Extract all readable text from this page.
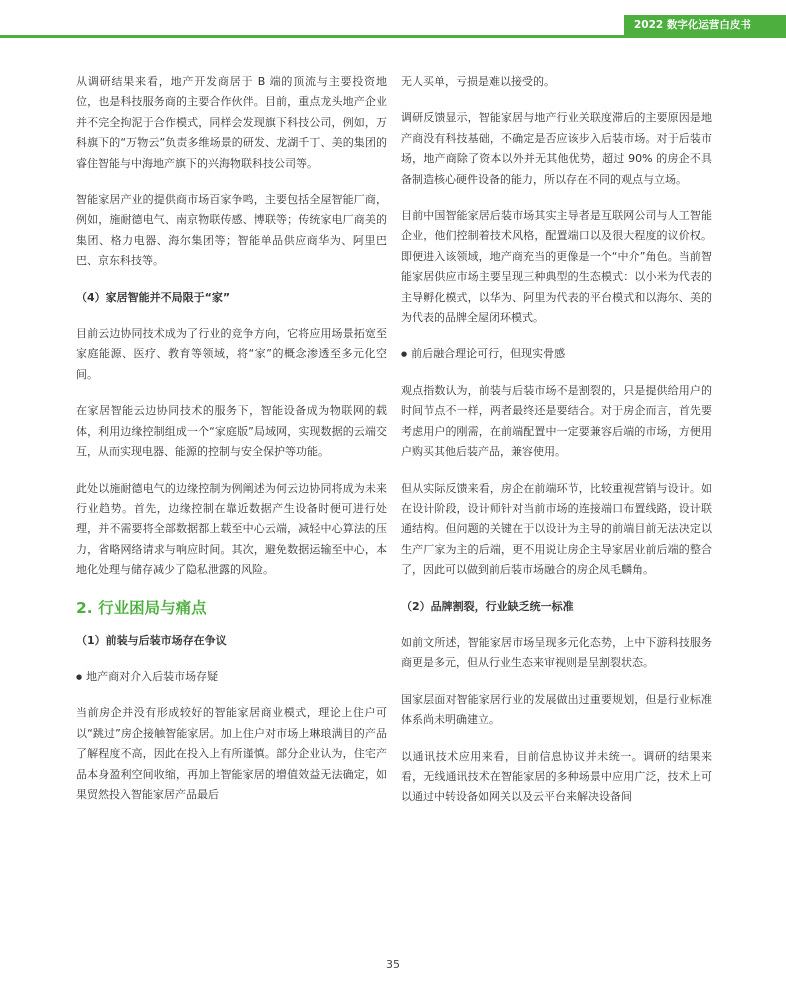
2022 数字化运营白皮书

从调研结果来看，地产开发商居于 B 端的顶流与主要投资地位，也是科技服务商的主要合作伙伴。目前，重点龙头地产企业并不完全拘泥于合作模式，同样会发现旗下科技公司，例如，万科旗下的“万物云”负责多维场景的研发、龙湖千丁、美的集团的睿住智能与中海地产旗下的兴海物联科技公司等。

智能家居产业的提供商市场百家争鸣，主要包括全屋智能厂商，例如，施耐德电气、南京物联传感、博联等；传统家电厂商美的集团、格力电器、海尔集团等；智能单品供应商华为、阿里巴巴、京东科技等。

（4）家居智能并不局限于“家”

目前云边协同技术成为了行业的竞争方向，它将应用场景拓宽至家庭能源、医疗、教育等领域，将“家”的概念渗透至多元化空间。

在家居智能云边协同技术的服务下，智能设备成为物联网的载体，利用边缘控制组成一个“家庭版”局域网，实现数据的云端交互，从而实现电器、能源的控制与安全保护等功能。

此处以施耐德电气的边缘控制为例阐述为何云边协同将成为未来行业趋势。首先，边缘控制在靠近数据产生设备时便可进行处理，并不需要将全部数据都上载至中心云端，减轻中心算法的压力，省略网络请求与响应时间。其次，避免数据运输至中心，本地化处理与储存减少了隐私泄露的风险。

2. 行业困局与痛点

（1）前装与后装市场存在争议

● 地产商对介入后装市场存疑

当前房企并没有形成较好的智能家居商业模式，理论上住户可以“跳过”房企接触智能家居。加上住户对市场上琳琅满目的产品了解程度不高，因此在投入上有所谨慎。部分企业认为，住宅产品本身盈利空间收缩，再加上智能家居的增值效益无法确定，如果贸然投入智能家居产品最后

无人买单，亏损是难以接受的。

调研反馈显示，智能家居与地产行业关联度滞后的主要原因是地产商没有科技基础，不确定是否应该步入后装市场。对于后装市场，地产商除了资本以外并无其他优势，超过 90% 的房企不具备制造核心硬件设备的能力，所以存在不同的观点与立场。

目前中国智能家居后装市场其实主导者是互联网公司与人工智能企业，他们控制着技术风格，配置端口以及很大程度的议价权。即便进入该领域，地产商充当的更像是一个“中介”角色。当前智能家居供应市场主要呈现三种典型的生态模式：以小米为代表的主导孵化模式，以华为、阿里为代表的平台模式和以海尔、美的为代表的品牌全屋闭环模式。

● 前后融合理论可行，但现实骨感

观点指数认为，前装与后装市场不是割裂的，只是提供给用户的时间节点不一样，两者最终还是要结合。对于房企而言，首先要考虑用户的刚需，在前端配置中一定要兼容后端的市场，方便用户购买其他后装产品，兼容使用。

但从实际反馈来看，房企在前端环节，比较重视营销与设计。如在设计阶段，设计师针对当前市场的连接端口布置线路，设计联通结构。但问题的关键在于以设计为主导的前端目前无法决定以生产厂家为主的后端，更不用说让房企主导家居业前后端的整合了，因此可以做到前后装市场融合的房企凤毛麟角。

（2）品牌割裂，行业缺乏统一标准

如前文所述，智能家居市场呈现多元化态势，上中下游科技服务商更是多元，但从行业生态来审视则是呈割裂状态。

国家层面对智能家居行业的发展做出过重要规划，但是行业标准体系尚未明确建立。

以通讯技术应用来看，目前信息协议并未统一。调研的结果来看，无线通讯技术在智能家居的多种场景中应用广泛，技术上可以通过中转设备如网关以及云平台来解决设备间

35
